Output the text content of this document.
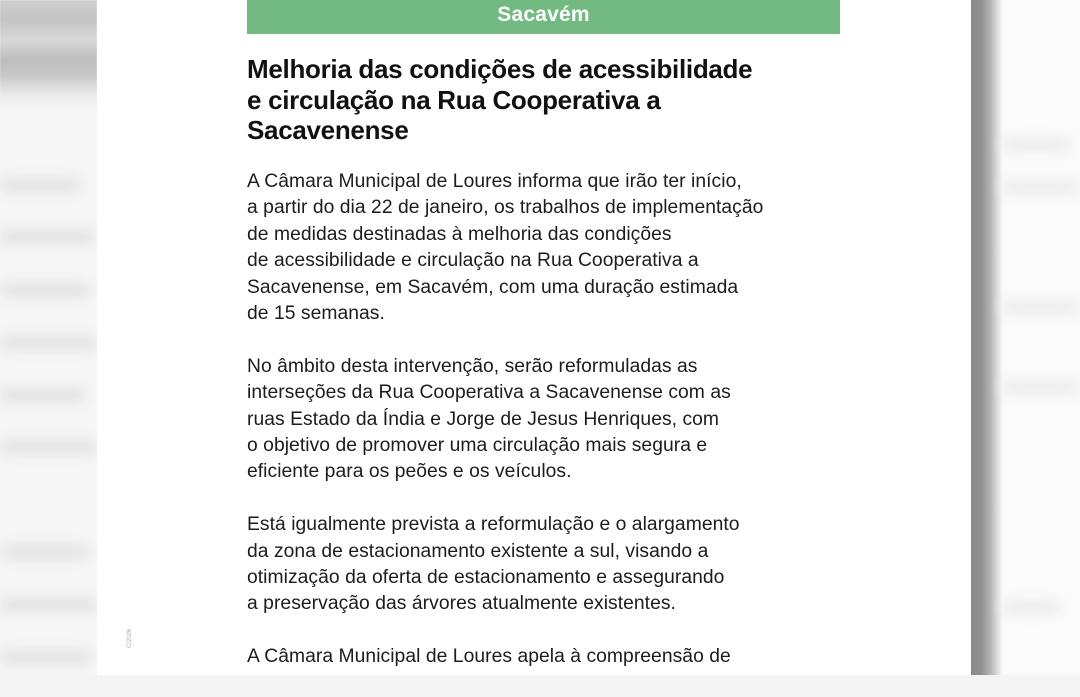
Sacavém
Melhoria das condições de acessibilidade
e circulação na Rua Cooperativa a
Sacavenense

A Câmara Municipal de Loures informa que irão ter início,
a partir do dia 22 de janeiro, os trabalhos de implementação
de medidas destinadas à melhoria das condições
de acessibilidade e circulação na Rua Cooperativa a
Sacavenense, em Sacavém, com uma duração estimada
de 15 semanas.

No âmbito desta intervenção, serão reformuladas as
interseções da Rua Cooperativa a Sacavenense com as
ruas Estado da Índia e Jorge de Jesus Henriques, com
o objetivo de promover uma circulação mais segura e
eficiente para os peões e os veículos.

Está igualmente prevista a reformulação e o alargamento
da zona de estacionamento existente a sul, visando a
otimização da oferta de estacionamento e assegurando
a preservação das árvores atualmente existentes.

A Câmara Municipal de Loures apela à compreensão de

C/2026
